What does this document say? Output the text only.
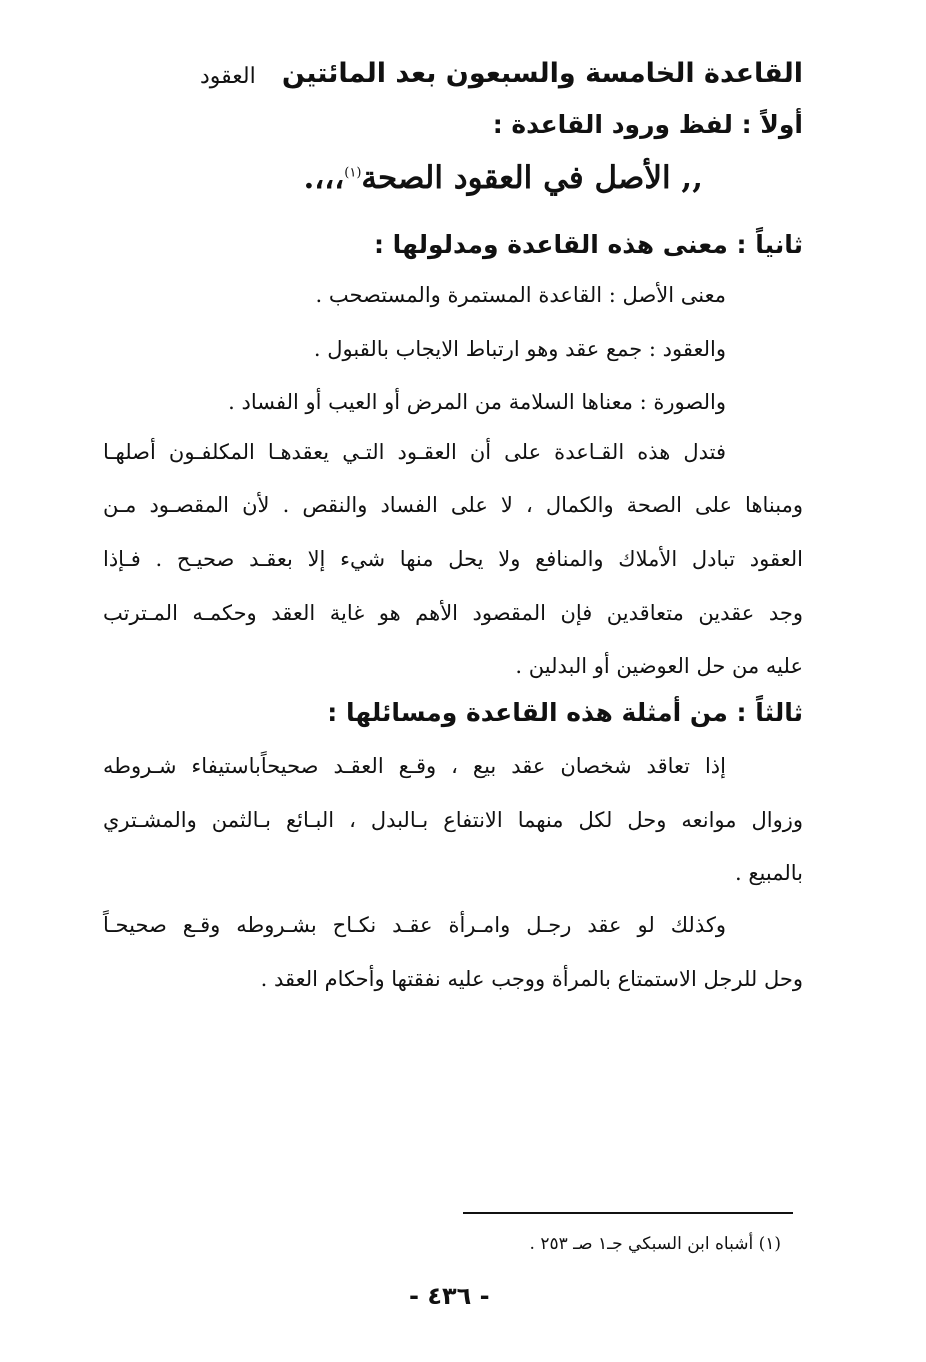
القاعدة الخامسة والسبعون بعد المائتين
العقود
أولاً : لفظ ورود القاعدة :
,, الأصل في العقود الصحة$^{(١)}$،،،.
ثانياً : معنى هذه القاعدة ومدلولها :
معنى الأصل : القاعدة المستمرة والمستصحب .
والعقود : جمع عقد وهو ارتباط الايجاب بالقبول .
والصورة : معناها السلامة من المرض أو العيب أو الفساد .
فتدل هذه القـاعدة على أن العقـود التـي يعقدهـا المكلفـون أصلهـا
ومبناها على الصحة والكمال ، لا على الفساد والنقص . لأن المقصـود مـن
العقود تبادل الأملاك والمنافع ولا يحل منها شيء إلا بعقـد صحيـح . فـإذا
وجد عقدين متعاقدين فإن المقصود الأهم هو غاية العقد وحكمـه المـترتب
عليه من حل العوضين أو البدلين .
ثالثاً : من أمثلة هذه القاعدة ومسائلها :
إذا تعاقد شخصان عقد بيع ، وقـع العقـد صحيحاًباستيفاء شـروطه
وزوال موانعه وحل لكل منهما الانتفاع بـالبدل ، البـائع بـالثمن والمشـتري
بالمبيع .
وكذلك لو عقد رجـل وامـرأة عقـد نكـاح بشـروطه وقـع صحيحـاً
وحل للرجل الاستمتاع بالمرأة ووجب عليه نفقتها وأحكام العقد .
(١) أشباه ابن السبكي جـ١ صـ ٢٥٣ .
- ٤٣٦ -
